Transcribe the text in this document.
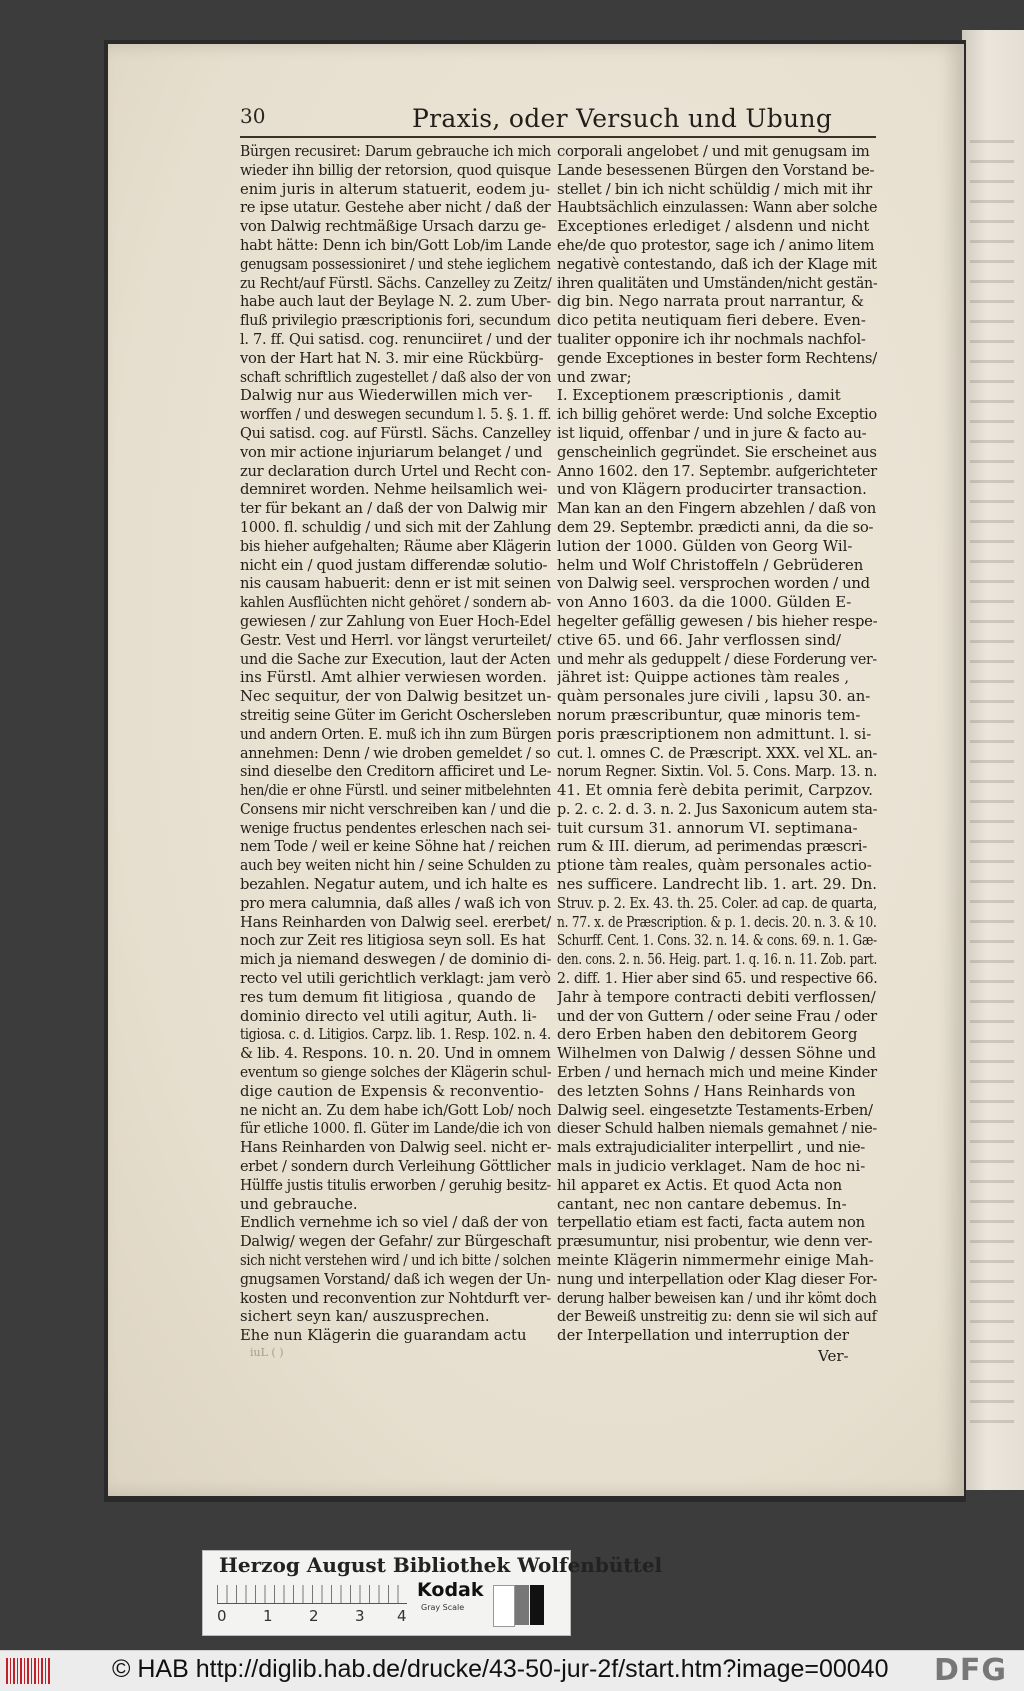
30	Praxis, oder Versuch und Ubung
Bürgen recusiret: Darum gebrauche ich mich
wieder ihn billig der retorsion, quod quisque
enim juris in alterum statuerit, eodem ju-
re ipse utatur. Gestehe aber nicht / daß der
von Dalwig rechtmäßige Ursach darzu ge-
habt hätte: Denn ich bin/Gott Lob/im Lande
genugsam possessioniret / und stehe ieglichem
zu Recht/auf Fürstl. Sächs. Canzelley zu Zeitz/
habe auch laut der Beylage N. 2. zum Uber-
fluß privilegio præscriptionis fori, secundum
l. 7. ff. Qui satisd. cog. renunciiret / und der
von der Hart hat N. 3. mir eine Rückbürg-
schaft schriftlich zugestellet / daß also der von
Dalwig nur aus Wiederwillen mich ver-
worffen / und deswegen secundum l. 5. §. 1. ff.
Qui satisd. cog. auf Fürstl. Sächs. Canzelley
von mir actione injuriarum belanget / und
zur declaration durch Urtel und Recht con-
demniret worden. Nehme heilsamlich wei-
ter für bekant an / daß der von Dalwig mir
1000. fl. schuldig / und sich mit der Zahlung
bis hieher aufgehalten; Räume aber Klägerin
nicht ein / quod justam differendæ solutio-
nis causam habuerit: denn er ist mit seinen
kahlen Ausflüchten nicht gehöret / sondern ab-
gewiesen / zur Zahlung von Euer Hoch-Edel
Gestr. Vest und Herrl. vor längst verurteilet/
und die Sache zur Execution, laut der Acten
ins Fürstl. Amt alhier verwiesen worden.
Nec sequitur, der von Dalwig besitzet un-
streitig seine Güter im Gericht Oschersleben
und andern Orten. E. muß ich ihn zum Bürgen
annehmen: Denn / wie droben gemeldet / so
sind dieselbe den Creditorn afficiret und Le-
hen/die er ohne Fürstl. und seiner mitbelehnten
Consens mir nicht verschreiben kan / und die
wenige fructus pendentes erleschen nach sei-
nem Tode / weil er keine Söhne hat / reichen
auch bey weiten nicht hin / seine Schulden zu
bezahlen. Negatur autem, und ich halte es
pro mera calumnia, daß alles / waß ich von
Hans Reinharden von Dalwig seel. ererbet/
noch zur Zeit res litigiosa seyn soll. Es hat
mich ja niemand deswegen / de dominio di-
recto vel utili gerichtlich verklagt: jam verò
res tum demum fit litigiosa , quando de
dominio directo vel utili agitur, Auth. li-
tigiosa. c. d. Litigios. Carpz. lib. 1. Resp. 102. n. 4.
& lib. 4. Respons. 10. n. 20. Und in omnem
eventum so gienge solches der Klägerin schul-
dige caution de Expensis & reconventio-
ne nicht an. Zu dem habe ich/Gott Lob/ noch
für etliche 1000. fl. Güter im Lande/die ich von
Hans Reinharden von Dalwig seel. nicht er-
erbet / sondern durch Verleihung Göttlicher
Hülffe justis titulis erworben / geruhig besitz-
und gebrauche.
Endlich vernehme ich so viel / daß der von
Dalwig/ wegen der Gefahr/ zur Bürgeschaft
sich nicht verstehen wird / und ich bitte / solchen
gnugsamen Vorstand/ daß ich wegen der Un-
kosten und reconvention zur Nohtdurft ver-
sichert seyn kan/ auszusprechen.
Ehe nun Klägerin die guarandam actu
corporali angelobet / und mit genugsam im
Lande besessenen Bürgen den Vorstand be-
stellet / bin ich nicht schüldig / mich mit ihr
Haubtsächlich einzulassen: Wann aber solche
Exceptiones erlediget / alsdenn und nicht
ehe/de quo protestor, sage ich / animo litem
negativè contestando, daß ich der Klage mit
ihren qualitäten und Umständen/nicht gestän-
dig bin. Nego narrata prout narrantur, &
dico petita neutiquam fieri debere. Even-
tualiter opponire ich ihr nochmals nachfol-
gende Exceptiones in bester form Rechtens/
und zwar;
I. Exceptionem præscriptionis , damit
ich billig gehöret werde: Und solche Exceptio
ist liquid, offenbar / und in jure & facto au-
genscheinlich gegründet. Sie erscheinet aus
Anno 1602. den 17. Septembr. aufgerichteter
und von Klägern producirter transaction.
Man kan an den Fingern abzehlen / daß von
dem 29. Septembr. prædicti anni, da die so-
lution der 1000. Gülden von Georg Wil-
helm und Wolf Christoffeln / Gebrüderen
von Dalwig seel. versprochen worden / und
von Anno 1603. da die 1000. Gülden E-
hegelter gefällig gewesen / bis hieher respe-
ctive 65. und 66. Jahr verflossen sind/
und mehr als geduppelt / diese Forderung ver-
jähret ist: Quippe actiones tàm reales ,
quàm personales jure civili , lapsu 30. an-
norum præscribuntur, quæ minoris tem-
poris præscriptionem non admittunt. l. si-
cut. l. omnes C. de Præscript. XXX. vel XL. an-
norum Regner. Sixtin. Vol. 5. Cons. Marp. 13. n.
41. Et omnia ferè debita perimit, Carpzov.
p. 2. c. 2. d. 3. n. 2. Jus Saxonicum autem sta-
tuit cursum 31. annorum VI. septimana-
rum & III. dierum, ad perimendas præscri-
ptione tàm reales, quàm personales actio-
nes sufficere. Landrecht lib. 1. art. 29. Dn.
Struv. p. 2. Ex. 43. th. 25. Coler. ad cap. de quarta,
n. 77. x. de Præscription. & p. 1. decis. 20. n. 3. & 10.
Schurff. Cent. 1. Cons. 32. n. 14. & cons. 69. n. 1. Gæ-
den. cons. 2. n. 56. Heig. part. 1. q. 16. n. 11. Zob. part.
2. diff. 1. Hier aber sind 65. und respective 66.
Jahr à tempore contracti debiti verflossen/
und der von Guttern / oder seine Frau / oder
dero Erben haben den debitorem Georg
Wilhelmen von Dalwig / dessen Söhne und
Erben / und hernach mich und meine Kinder
des letzten Sohns / Hans Reinhards von
Dalwig seel. eingesetzte Testaments-Erben/
dieser Schuld halben niemals gemahnet / nie-
mals extrajudicialiter interpellirt , und nie-
mals in judicio verklaget. Nam de hoc ni-
hil apparet ex Actis. Et quod Acta non
cantant, nec non cantare debemus. In-
terpellatio etiam est facti, facta autem non
præsumuntur, nisi probentur, wie denn ver-
meinte Klägerin nimmermehr einige Mah-
nung und interpellation oder Klag dieser For-
derung halber beweisen kan / und ihr kömt doch
der Beweiß unstreitig zu: denn sie wil sich auf
der Interpellation und interruption der
iuL ( )	Ver-
Herzog August Bibliothek Wolfenbüttel
0 1 2 3 4
Kodak
Gray Scale
© HAB http://diglib.hab.de/drucke/43-50-jur-2f/start.htm?image=00040 DFG
